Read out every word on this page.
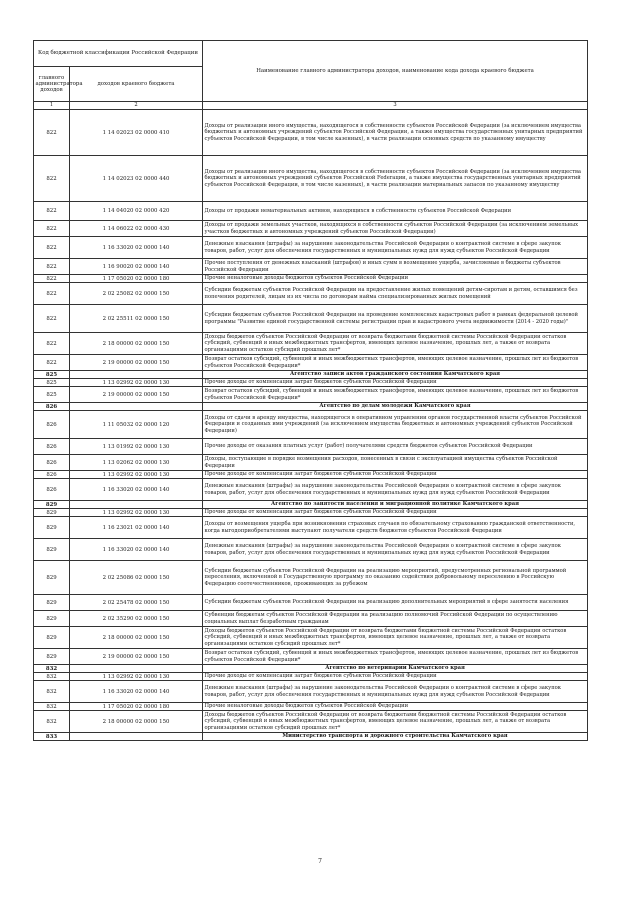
Код бюджетной классификации Российской Федерации		Наименование главного администратора доходов, наименование кода дохода краевого бюджета
главного администратора доходов	доходов краевого бюджета	
1	2	3
822	1 14 02023 02 0000 410	Доходы от реализации иного имущества, находящегося в собственности субъектов Российской Федерации (за исключением имущества бюджетных и автономных учреждений субъектов Российской Федерации, а также имущества государственных унитарных предприятий субъектов Российской Федерации, в том числе казенных), в части реализации основных средств по указанному имуществу
822	1 14 02023 02 0000 440	Доходы от реализации иного имущества, находящегося в собственности субъектов Российской Федерации (за исключением имущества бюджетных и автономных учреждений субъектов Российской Federации, а также имущества государственных унитарных предприятий субъектов Российской Федерации, в том числе казенных), в части реализации материальных запасов по указанному имуществу
822	1 14 04020 02 0000 420	Доходы от продажи нематериальных активов, находящихся в собственности субъектов Российской Федерации
822	1 14 06022 02 0000 430	Доходы от продажи земельных участков, находящихся в собственности субъектов Российской Федерации (за исключением земельных участков бюджетных и автономных учреждений субъектов Российской Федерации)
822	1 16 33020 02 0000 140	Денежные взыскания (штрафы) за нарушение законодательства Российской Федерации о контрактной системе в сфере закупок товаров, работ, услуг для обеспечения государственных и муниципальных нужд для нужд субъектов Российской Федерации
822	1 16 90020 02 0000 140	Прочие поступления от денежных взысканий (штрафов) и иных сумм в возмещение ущерба, зачисляемые в бюджеты субъектов Российской Федерации
822	1 17 05020 02 0000 180	Прочие неналоговые доходы бюджетов субъектов Российской Федерации
822	2 02 25082 02 0000 150	Субсидии бюджетам субъектов Российской Федерации на предоставление жилых помещений детям-сиротам и детям, оставшимся без попечения родителей, лицам из их числа по договорам найма специализированных жилых помещений
822	2 02 25511 02 0000 150	Субсидии бюджетам субъектов Российской Федерации на проведение комплексных кадастровых работ в рамках федеральной целевой программы "Развитие единой государственной системы регистрации прав и кадастрового учета недвижимости (2014 - 2020 годы)"
822	2 18 00000 02 0000 150	Доходы бюджетов субъектов Российской Федерации от возврата бюджетами бюджетной системы Российской Федерации остатков субсидий, субвенций и иных межбюджетных трансфертов, имеющих целевое назначение, прошлых лет, а также от возврата организациями остатков субсидий прошлых лет*
822	2 19 00000 02 0000 150	Возврат остатков субсидий, субвенций и иных межбюджетных трансфертов, имеющих целевое назначение, прошлых лет из бюджетов субъектов Российской Федерации*
825		Агентство записи актов гражданского состояния Камчатского края
825	1 13 02992 02 0000 130	Прочие доходы от компенсации затрат бюджетов субъектов Российской Федерации
825	2 19 00000 02 0000 150	Возврат остатков субсидий, субвенций и иных межбюджетных трансфертов, имеющих целевое назначение, прошлых лет из бюджетов субъектов Российской Федерации*
826		Агентство по делам молодежи Камчатского края
826	1 11 05032 02 0000 120	Доходы от сдачи в аренду имущества, находящегося в оперативном управлении органов государственной власти субъектов Российской Федерации и созданных ими учреждений (за исключением имущества бюджетных и автономных учреждений субъектов Российской Федерации)
826	1 13 01992 02 0000 130	Прочие доходы от оказания платных услуг (работ) получателями средств бюджетов субъектов Российской Федерации
826	1 13 02062 02 0000 130	Доходы, поступающие в порядке возмещения расходов, понесенных в связи с эксплуатацией имущества субъектов Российской Федерации
826	1 13 02992 02 0000 130	Прочие доходы от компенсации затрат бюджетов субъектов Российской Федерации
826	1 16 33020 02 0000 140	Денежные взыскания (штрафы) за нарушение законодательства Российской Федерации о контрактной системе в сфере закупок товаров, работ, услуг для обеспечения государственных и муниципальных нужд для нужд субъектов Российской Федерации
829		Агентство по занятости населения и миграционной политике Камчатского края
829	1 13 02992 02 0000 130	Прочие доходы от компенсации затрат бюджетов субъектов Российской Федерации
829	1 16 23021 02 0000 140	Доходы от возмещения ущерба при возникновении страховых случаев по обязательному страхованию гражданской ответственности, когда выгодоприобретателями выступают получатели средств бюджетов субъектов Российской Федерации
829	1 16 33020 02 0000 140	Денежные взыскания (штрафы) за нарушение законодательства Российской Федерации о контрактной системе в сфере закупок товаров, работ, услуг для обеспечения государственных и муниципальных нужд для нужд субъектов Российской Федерации
829	2 02 25086 02 0000 150	Субсидии бюджетам субъектов Российской Федерации на реализацию мероприятий, предусмотренных региональной программой переселения, включенной в Государственную программу по оказанию содействия добровольному переселению в Российскую Федерацию соотечественников, проживающих за рубежом
829	2 02 25478 02 0000 150	Субсидии бюджетам субъектов Российской Федерации на реализацию дополнительных мероприятий в сфере занятости населения
829	2 02 35290 02 0000 150	Субвенции бюджетам субъектов Российской Федерации на реализацию полномочий Российской Федерации по осуществлению социальных выплат безработным гражданам
829	2 18 00000 02 0000 150	Доходы бюджетов субъектов Российской Федерации от возврата бюджетами бюджетной системы Российской Федерации остатков субсидий, субвенций и иных межбюджетных трансфертов, имеющих целевое назначение, прошлых лет, а также от возврата организациями остатков субсидий прошлых лет*
829	2 19 00000 02 0000 150	Возврат остатков субсидий, субвенций и иных межбюджетных трансфертов, имеющих целевое назначение, прошлых лет из бюджетов субъектов Российской Федерации*
832		Агентство по ветеринарии Камчатского края
832	1 13 02992 02 0000 130	Прочие доходы от компенсации затрат бюджетов субъектов Российской Федерации
832	1 16 33020 02 0000 140	Денежные взыскания (штрафы) за нарушение законодательства Российской Федерации о контрактной системе в сфере закупок товаров, работ, услуг для обеспечения государственных и муниципальных нужд для нужд субъектов Российской Федерации
832	1 17 05020 02 0000 180	Прочие неналоговые доходы бюджетов субъектов Российской Федерации
832	2 18 00000 02 0000 150	Доходы бюджетов субъектов Российской Федерации от возврата бюджетами бюджетной системы Российской Федерации остатков субсидий, субвенций и иных межбюджетных трансфертов, имеющих целевое назначение, прошлых лет, а также от возврата организациями остатков субсидий прошлых лет*
833		Министерство транспорта и дорожного строительства Камчатского края
7
